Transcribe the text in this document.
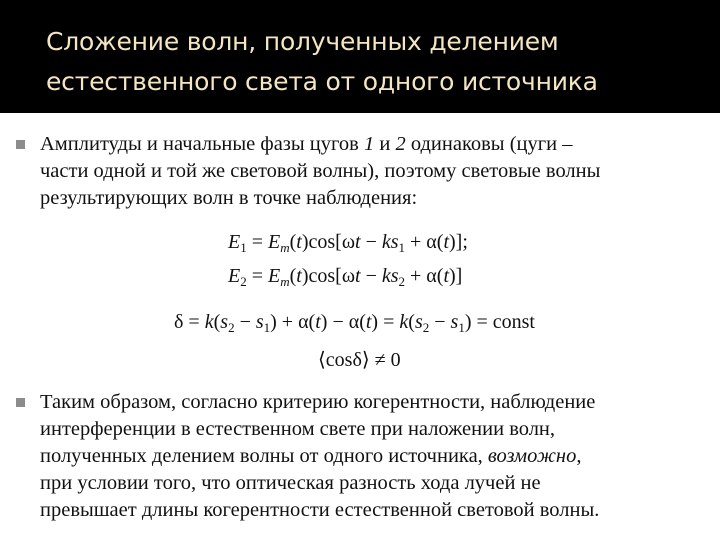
Сложение волн, полученных делением
естественного света от одного источника
Амплитуды и начальные фазы цугов 1 и 2 одинаковы (цуги –
части одной и той же световой волны), поэтому световые волны
результирующих волн в точке наблюдения:
$E_1 = E_m(t)\cos[\omega t - ks_1 + \alpha(t)]$;
$E_2 = E_m(t)\cos[\omega t - ks_2 + \alpha(t)]$
$\delta = k(s_2 - s_1) + \alpha(t) - \alpha(t) = k(s_2 - s_1)$ = const
⟨cosδ⟩ ≠ 0
Таким образом, согласно критерию когерентности, наблюдение
интерференции в естественном свете при наложении волн,
полученных делением волны от одного источника, возможно,
при условии того, что оптическая разность хода лучей не
превышает длины когерентности естественной световой волны.
